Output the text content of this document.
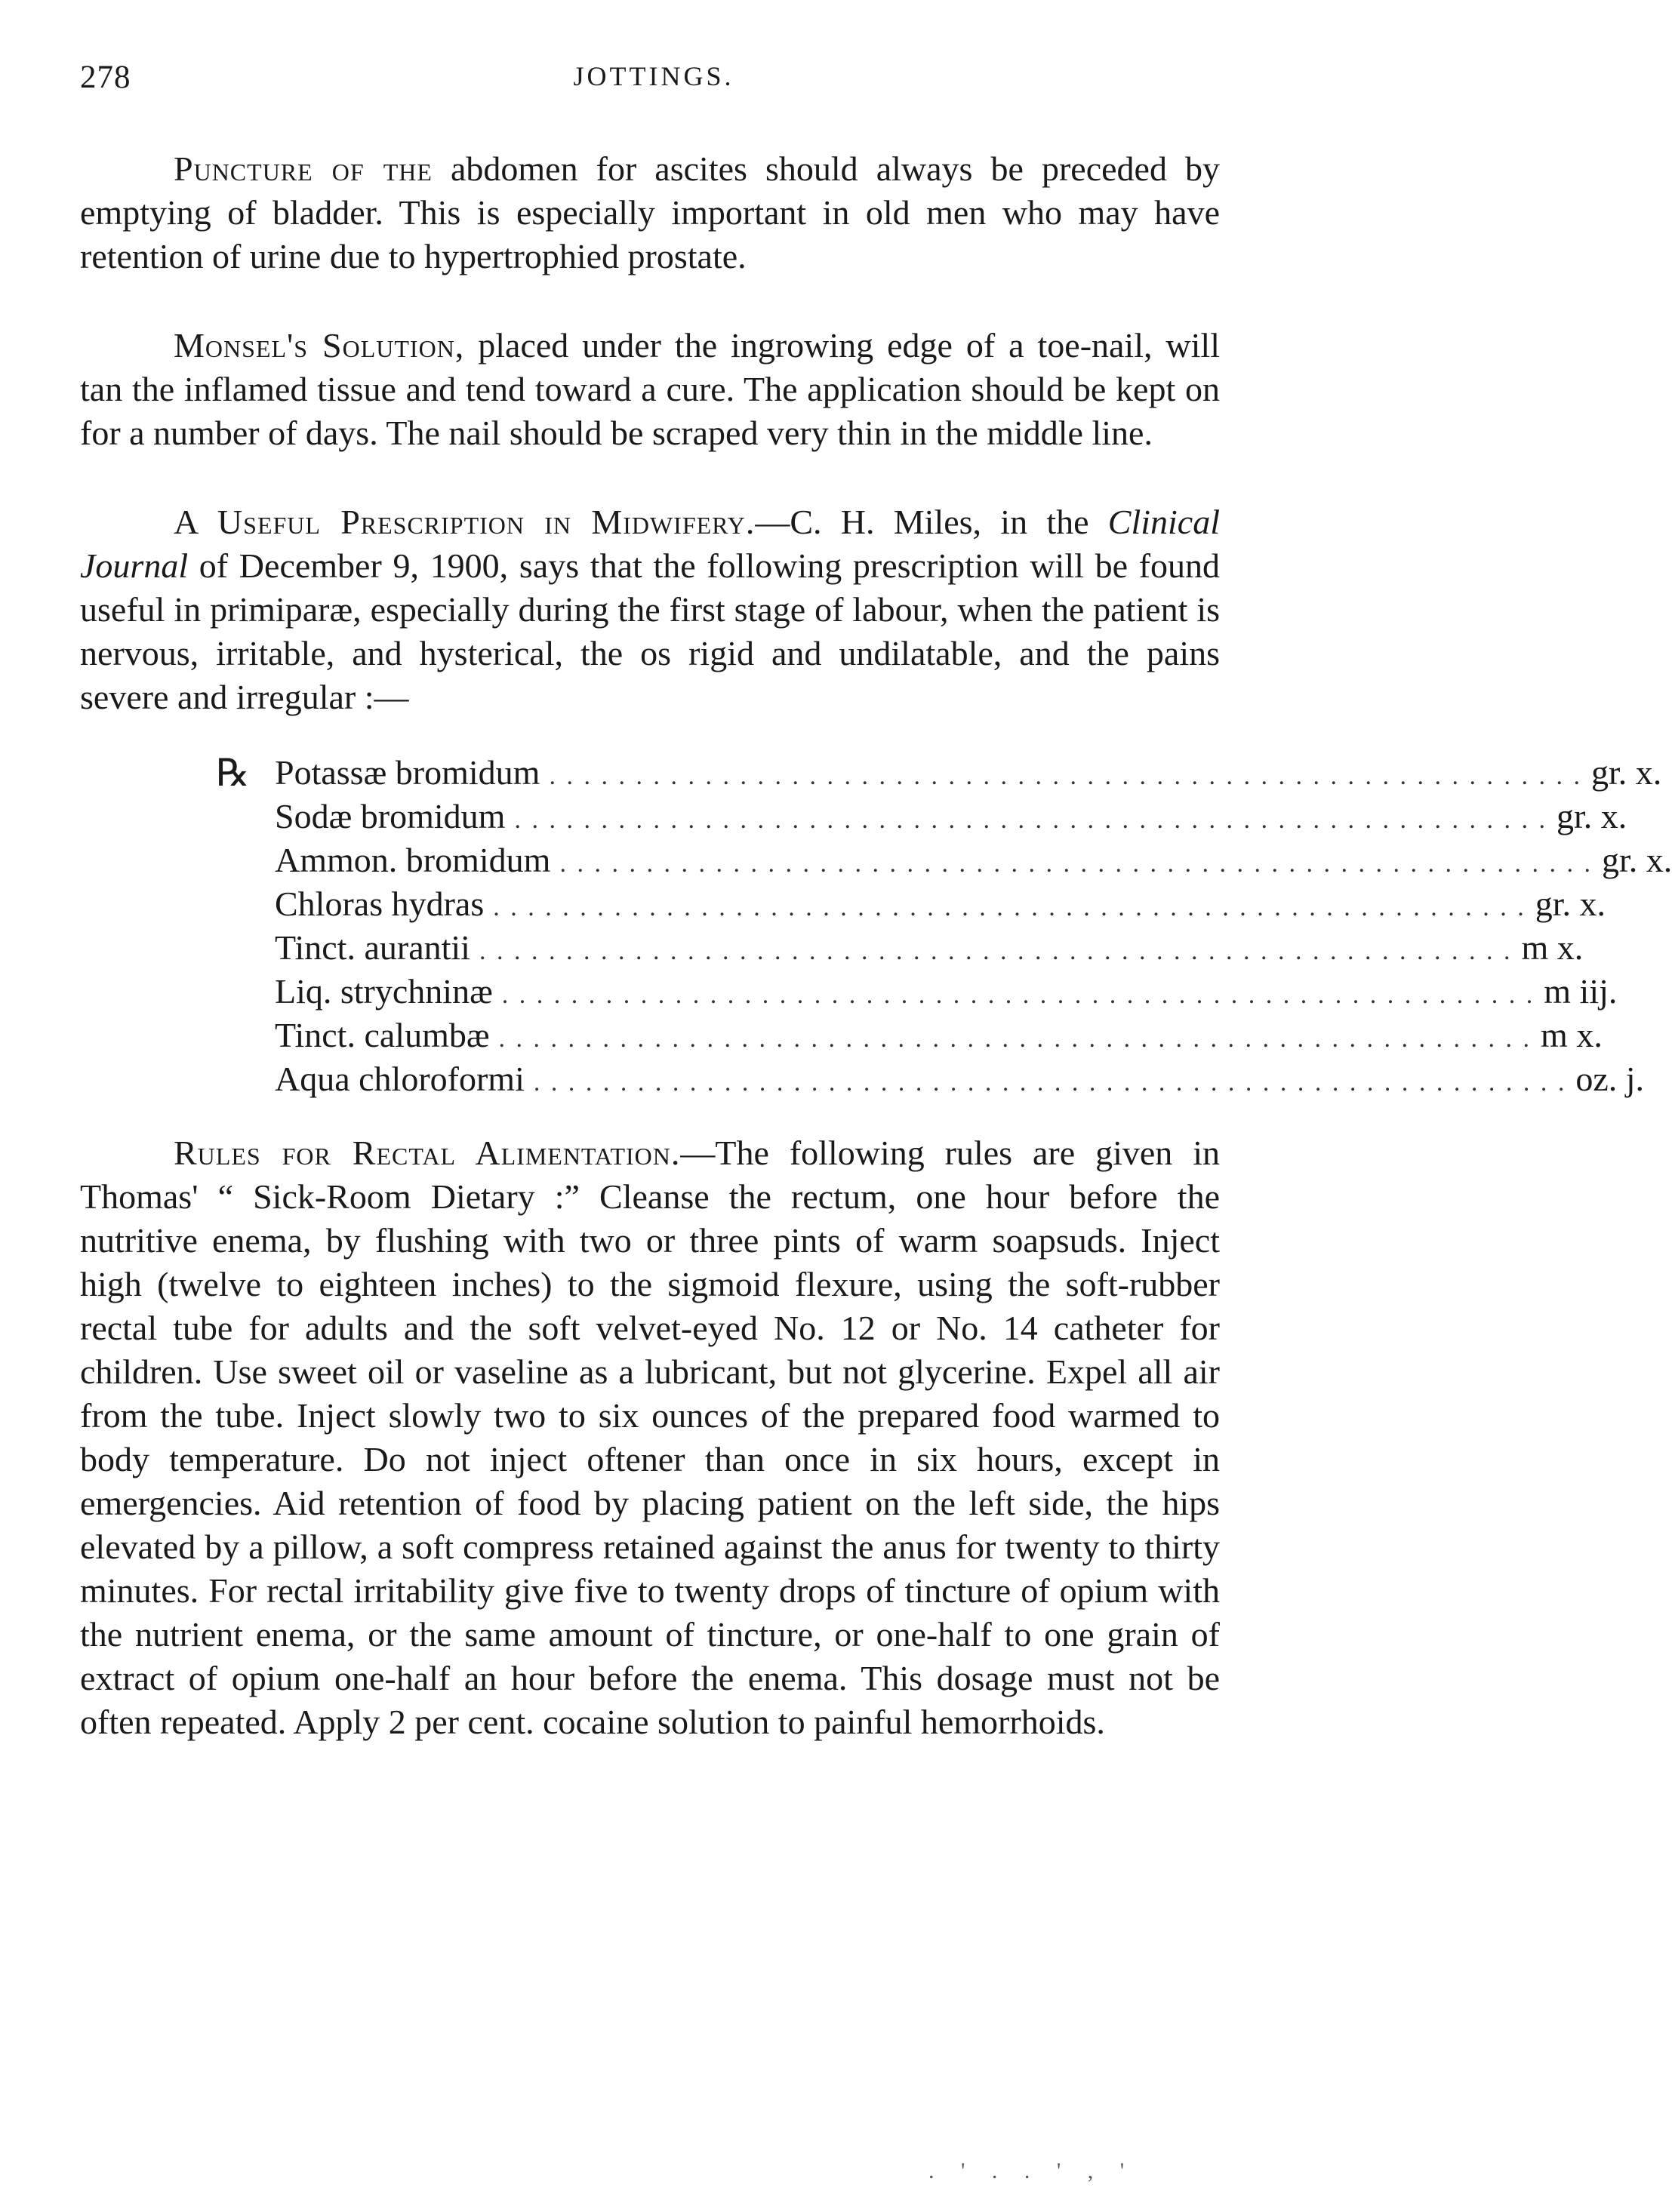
278	JOTTINGS.

Puncture of the abdomen for ascites should always be preceded by emptying of bladder. This is especially important in old men who may have retention of urine due to hypertrophied prostate.

Monsel's Solution, placed under the ingrowing edge of a toe-nail, will tan the inflamed tissue and tend toward a cure. The application should be kept on for a number of days. The nail should be scraped very thin in the middle line.

A Useful Prescription in Midwifery.—C. H. Miles, in the Clinical Journal of December 9, 1900, says that the following prescription will be found useful in primiparæ, especially during the first stage of labour, when the patient is nervous, irritable, and hysterical, the os rigid and undilatable, and the pains severe and irregular :—

℞ Potassæ bromidum . . . . . . . . . . . . . . . . . . . . . . . . . . . . . . . . . . . . . . . . . . . . . . . . . . . . . . . . . . . . gr. x.
Sodæ bromidum . . . . . . . . . . . . . . . . . . . . . . . . . . . . . . . . . . . . . . . . . . . . . . . . . . . . . . . . . . . . gr. x.
Ammon. bromidum . . . . . . . . . . . . . . . . . . . . . . . . . . . . . . . . . . . . . . . . . . . . . . . . . . . . . . . . . . . . gr. x.
Chloras hydras . . . . . . . . . . . . . . . . . . . . . . . . . . . . . . . . . . . . . . . . . . . . . . . . . . . . . . . . . . . . gr. x.
Tinct. aurantii . . . . . . . . . . . . . . . . . . . . . . . . . . . . . . . . . . . . . . . . . . . . . . . . . . . . . . . . . . . . m x.
Liq. strychninæ . . . . . . . . . . . . . . . . . . . . . . . . . . . . . . . . . . . . . . . . . . . . . . . . . . . . . . . . . . . . m iij.
Tinct. calumbæ . . . . . . . . . . . . . . . . . . . . . . . . . . . . . . . . . . . . . . . . . . . . . . . . . . . . . . . . . . . . m x.
Aqua chloroformi . . . . . . . . . . . . . . . . . . . . . . . . . . . . . . . . . . . . . . . . . . . . . . . . . . . . . . . . . . . . oz. j.

Rules for Rectal Alimentation.—The following rules are given in Thomas' “ Sick-Room Dietary :” Cleanse the rectum, one hour before the nutritive enema, by flushing with two or three pints of warm soapsuds. Inject high (twelve to eighteen inches) to the sigmoid flexure, using the soft-rubber rectal tube for adults and the soft velvet-eyed No. 12 or No. 14 catheter for children. Use sweet oil or vaseline as a lubricant, but not glycerine. Expel all air from the tube. Inject slowly two to six ounces of the prepared food warmed to body temperature. Do not inject oftener than once in six hours, except in emergencies. Aid retention of food by placing patient on the left side, the hips elevated by a pillow, a soft compress retained against the anus for twenty to thirty minutes. For rectal irritability give five to twenty drops of tincture of opium with the nutrient enema, or the same amount of tincture, or one-half to one grain of extract of opium one-half an hour before the enema. This dosage must not be often repeated. Apply 2 per cent. cocaine solution to painful hemorrhoids.

. ' . . ' , '
